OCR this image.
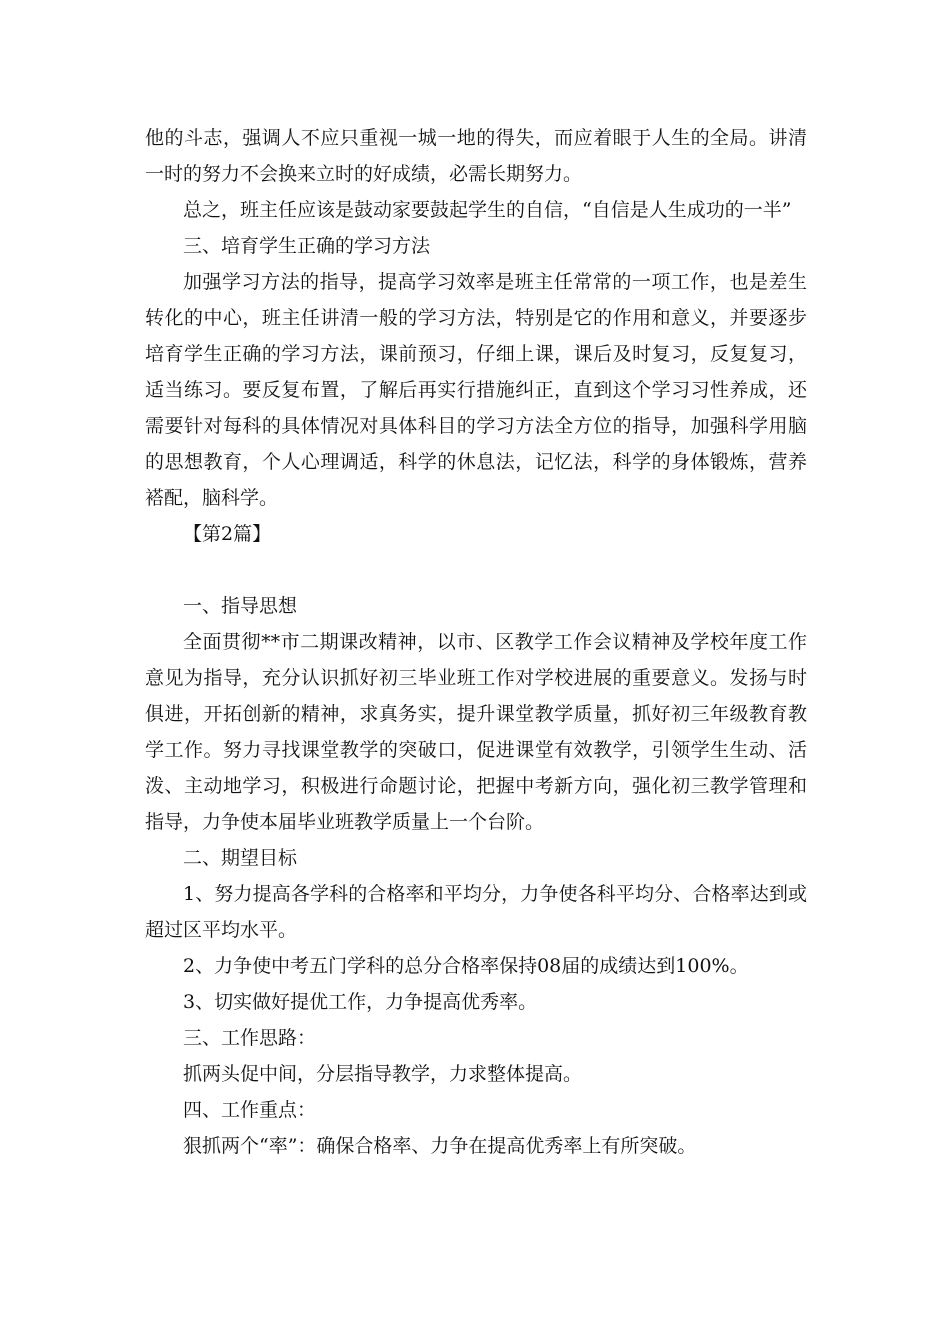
他的斗志，强调人不应只重视一城一地的得失，而应着眼于人生的全局。讲清一时的努力不会换来立时的好成绩，必需长期努力。

总之，班主任应该是鼓动家要鼓起学生的自信，“自信是人生成功的一半”

三、培育学生正确的学习方法

加强学习方法的指导，提高学习效率是班主任常常的一项工作，也是差生转化的中心，班主任讲清一般的学习方法，特别是它的作用和意义，并要逐步培育学生正确的学习方法，课前预习，仔细上课，课后及时复习，反复复习，适当练习。要反复布置，了解后再实行措施纠正，直到这个学习习性养成，还需要针对每科的具体情况对具体科目的学习方法全方位的指导，加强科学用脑的思想教育，个人心理调适，科学的休息法，记忆法，科学的身体锻炼，营养褡配，脑科学。

【第2篇】

一、指导思想

全面贯彻**市二期课改精神，以市、区教学工作会议精神及学校年度工作意见为指导，充分认识抓好初三毕业班工作对学校进展的重要意义。发扬与时俱进，开拓创新的精神，求真务实，提升课堂教学质量，抓好初三年级教育教学工作。努力寻找课堂教学的突破口，促进课堂有效教学，引领学生生动、活泼、主动地学习，积极进行命题讨论，把握中考新方向，强化初三教学管理和指导，力争使本届毕业班教学质量上一个台阶。

二、期望目标

1、努力提高各学科的合格率和平均分，力争使各科平均分、合格率达到或超过区平均水平。

2、力争使中考五门学科的总分合格率保持08届的成绩达到100%。

3、切实做好提优工作，力争提高优秀率。

三、工作思路：

抓两头促中间，分层指导教学，力求整体提高。

四、工作重点：

狠抓两个“率”：确保合格率、力争在提高优秀率上有所突破。
